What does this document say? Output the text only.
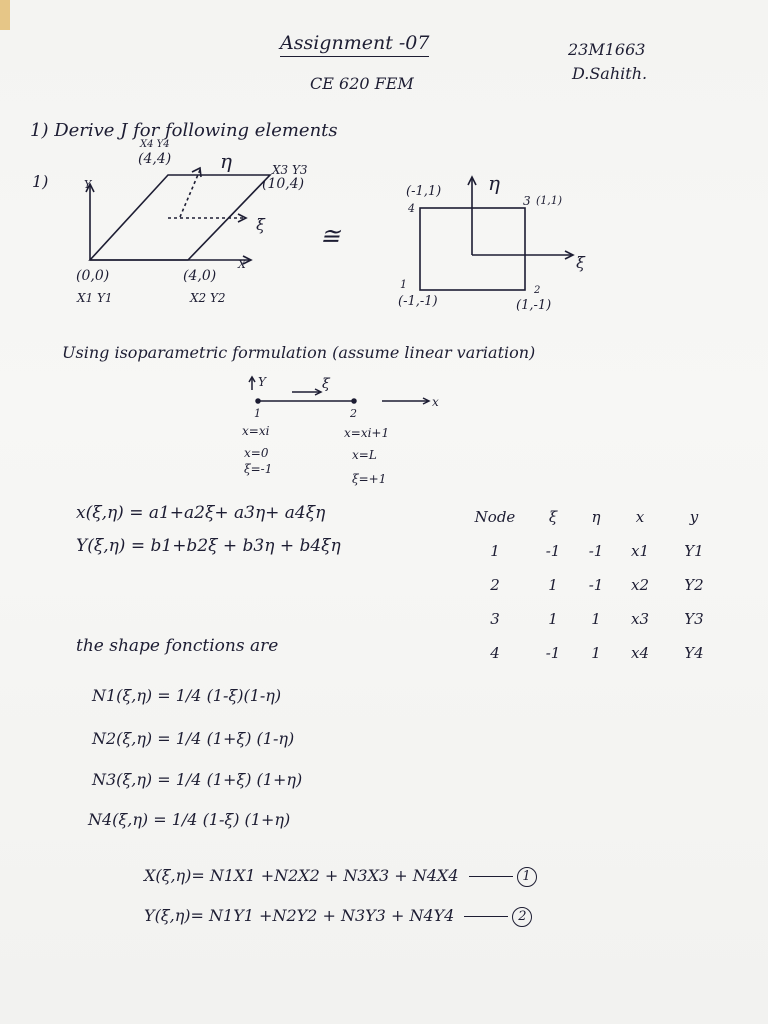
Assignment -07
CE 620 FEM
23M1663
D.Sahith.
1) Derive J for following elements
1)	Y
X
η
ξ
X4 Y4
(4,4)
X3 Y3
(10,4)
(0,0)
X1 Y1
(4,0)
X2 Y2
≅
η
ξ
(-1,1)
4
3 (1,1)
1
(-1,-1)
2
(1,-1)
Using isoparametric formulation (assume linear variation)
Y	ξ
x
1	2
x=xi
x=0
ξ=-1
x=xi+1
x=L
ξ=+1
x(ξ,η) = a1+a2ξ+ a3η+ a4ξη
Y(ξ,η) = b1+b2ξ + b3η + b4ξη
Node	ξ	η	x	y
1	-1	-1	x1	Y1
2	1	-1	x2	Y2
3	1	1	x3	Y3
4	-1	1	x4	Y4
the shape fonctions are
N1(ξ,η) = 1/4 (1-ξ)(1-η)
N2(ξ,η) = 1/4 (1+ξ) (1-η)
N3(ξ,η) = 1/4 (1+ξ) (1+η)
N4(ξ,η) = 1/4 (1-ξ) (1+η)
X(ξ,η)= N1X1 +N2X2 + N3X3 + N4X4	1
Y(ξ,η)= N1Y1 +N2Y2 + N3Y3 + N4Y4	2
